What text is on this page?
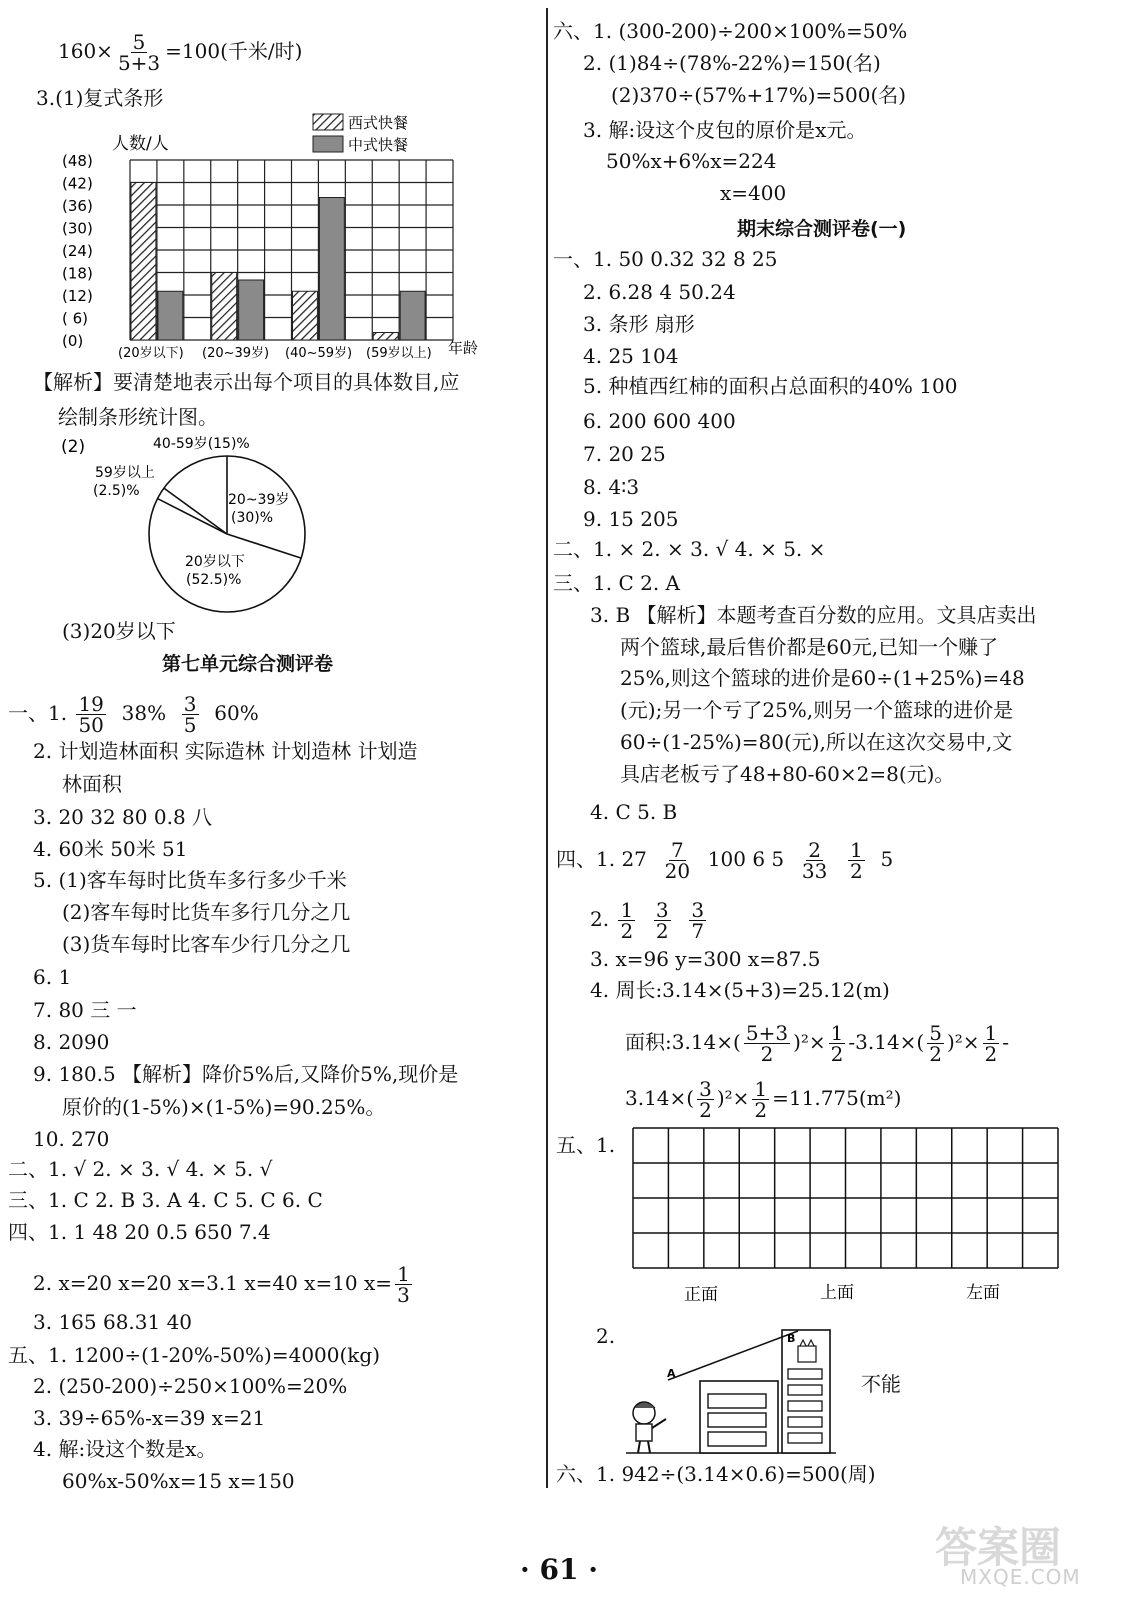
$160\times \frac{5}{5+3} =100$(千米/时)
3.(1)复式条形
(48)
(42)
(36)
(30)
(24)
(18)
(12)
( 6)
(0)
(20岁以下) (20~39岁) (40~59岁) (59岁以上)
人数/人
年龄
西式快餐
中式快餐
【解析】要清楚地表示出每个项目的具体数目,应
绘制条形统计图。
(2)	40-59岁(15)%
59岁以上
(2.5)%
20~39岁
(30)%
20岁以下
(52.5)%
(3)20岁以下
第七单元综合测评卷
一、1. $\frac{19}{50} 38\% \frac{3}{5} 60\%$
2. 计划造林面积 实际造林 计划造林 计划造
林面积
3. 20 32 80 0.8 八
4. 60米 50米 51
5. (1)客车每时比货车多行多少千米
(2)客车每时比货车多行几分之几
(3)货车每时比客车少行几分之几
6. 1
7. 80 三 一
8. 2090
9. 180.5 【解析】降价5%后,又降价5%,现价是
原价的(1-5%)×(1-5%)=90.25%。
10. 270
二、1. √ 2. × 3. √ 4. × 5. √
三、1. C 2. B 3. A 4. C 5. C 6. C
四、1. 1 48 20 0.5 650 7.4
2. x=20 x=20 x=3.1 x=40 x=10 $x= \frac{1}{3}$
3. 165 68.31 40
五、1. 1200÷(1-20%-50%)=4000(kg)
2. (250-200)÷250×100%=20%
3. 39÷65%-x=39 x=21
4. 解:设这个数是x。
60%x-50%x=15 x=150
六、1. (300-200)÷200×100%=50%
2. (1)84÷(78%-22%)=150(名)
(2)370÷(57%+17%)=500(名)
3. 解:设这个皮包的原价是x元。
50%x+6%x=224
x=400
期末综合测评卷(一)
一、1. 50 0.32 32 8 25
2. 6.28 4 50.24
3. 条形 扇形
4. 25 104
5. 种植西红柿的面积占总面积的40% 100
6. 200 600 400
7. 20 25
8. 4∶3
9. 15 205
二、1. × 2. × 3. √ 4. × 5. ×
三、1. C 2. A
3. B 【解析】本题考查百分数的应用。文具店卖出
两个篮球,最后售价都是60元,已知一个赚了
25%,则这个篮球的进价是60÷(1+25%)=48
(元);另一个亏了25%,则另一个篮球的进价是
60÷(1-25%)=80(元),所以在这次交易中,文
具店老板亏了48+80-60×2=8(元)。
4. C 5. B
四、1. $27 \frac{7}{20} 100$ 6 $5 \frac{2}{33}$
$\frac{1}{2} 5$
2. $\frac{1}{2}$
$\frac{3}{2}$
$\frac{3}{7}$
3. x=96 y=300 x=87.5
4. 周长:3.14×(5+3)=25.12(m)
面积:3.14×( $\frac{5+3}{2} )^2\times \frac{1}{2} -3.14\times( \frac{5}{2} )^2\times \frac{1}{2}$ -
$3.14\times( \frac{3}{2} )^2\times \frac{1}{2} =11.775(m^2)$
五、1.
正面	上面	左面
2.
A
B
不能
六、1. 942÷(3.14×0.6)=500(周)
· 61 ·	答案圈
MXQE.COM
